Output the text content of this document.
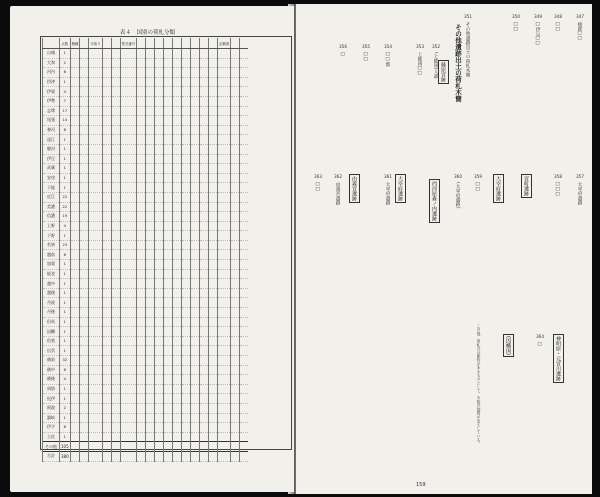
表４　国別の荷札分類
	点数	樹種		木取り			型式番号										記載面		
山城	1																		
大和	2																		
河内	6																		
摂津	1																		
伊賀	4																		
伊勢	7																		
志摩	17																		
尾張	14																		
参河	8																		
遠江	1																		
駿河	1																		
伊豆	1																		
武蔵	1																		
安房	1																		
下総	1																		
近江	22																		
美濃	22																		
信濃	19																		
上野	4																		
下野	1																		
若狭	23																		
越前	6																		
加賀	1																		
能登	1																		
越中	1																		
越後	1																		
丹波	1																		
丹後	1																		
但馬	1																		
因幡	1																		
伯耆	1																		
出雲	1																		
備前	32																		
備中	6																		
備後	4																		
周防	1																		
紀伊	1																		
阿波	2																		
讃岐	1																		
伊予	6																		
土佐	1																		
その他	105																		
合計	380																		
その他遺跡出土の荷札木簡
347
綾郡□□
348
□□
349
□伊豆□□
350
□□
351
その他遺跡出土の荷札木簡
352
(上総国)人部
353
上総国□□
354
□□郡
355
□□
356
□
357
大宰府遺跡
358
□□□
359
□□
360
(大宰府遺跡)
361
大宰府遺跡
362
由義宮遺跡
363
□□
364
□
藤原宮跡
大宰府遺跡
由義宮遺跡	西河原森ノ内遺跡	大宰府遺跡	宮町遺跡
(因幡国)	神明原・元宮川遺跡
この他、荷札の可能性があるものとして、多数の削屑が出土している。
159
